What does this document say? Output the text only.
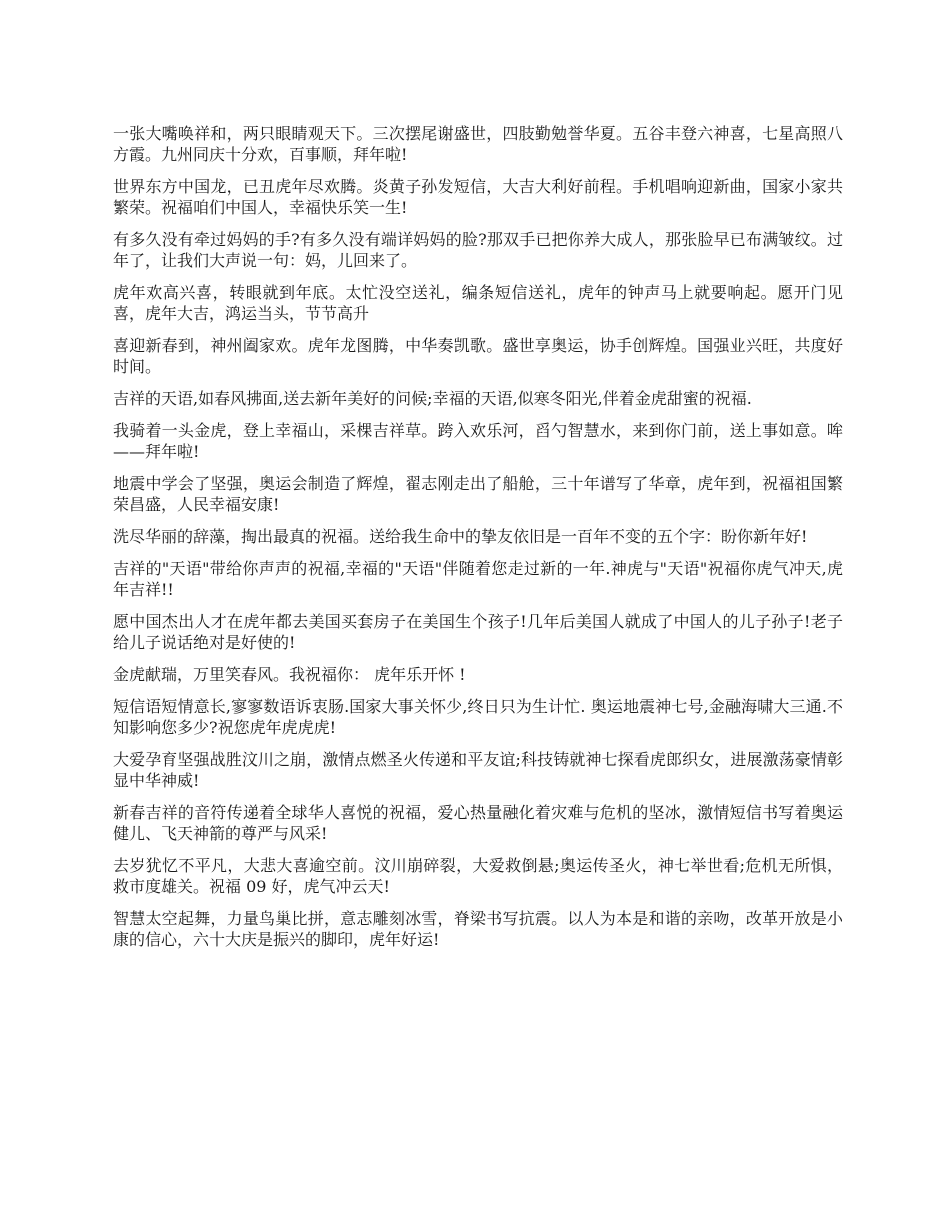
一张大嘴唤祥和，两只眼睛观天下。三次摆尾谢盛世，四肢勤勉誉华夏。五谷丰登六神喜，七星高照八方霞。九州同庆十分欢，百事顺，拜年啦!

世界东方中国龙，已丑虎年尽欢腾。炎黄子孙发短信，大吉大利好前程。手机唱响迎新曲，国家小家共繁荣。祝福咱们中国人，幸福快乐笑一生!

有多久没有牵过妈妈的手?有多久没有端详妈妈的脸?那双手已把你养大成人，那张脸早已布满皱纹。过年了，让我们大声说一句：妈，儿回来了。

虎年欢高兴喜，转眼就到年底。太忙没空送礼，编条短信送礼，虎年的钟声马上就要响起。愿开门见喜，虎年大吉，鸿运当头，节节高升

喜迎新春到，神州阖家欢。虎年龙图腾，中华奏凯歌。盛世享奥运，协手创辉煌。国强业兴旺，共度好时间。

吉祥的天语,如春风拂面,送去新年美好的问候;幸福的天语,似寒冬阳光,伴着金虎甜蜜的祝福.

我骑着一头金虎，登上幸福山，采棵吉祥草。跨入欢乐河，舀勺智慧水，来到你门前，送上事如意。哞——拜年啦!

地震中学会了坚强，奥运会制造了辉煌，翟志刚走出了船舱，三十年谱写了华章，虎年到，祝福祖国繁荣昌盛，人民幸福安康!

洗尽华丽的辞藻，掏出最真的祝福。送给我生命中的挚友依旧是一百年不变的五个字：盼你新年好!

吉祥的"天语"带给你声声的祝福,幸福的"天语"伴随着您走过新的一年.神虎与"天语"祝福你虎气冲天,虎年吉祥!!

愿中国杰出人才在虎年都去美国买套房子在美国生个孩子!几年后美国人就成了中国人的儿子孙子!老子给儿子说话绝对是好使的!

金虎献瑞，万里笑春风。我祝福你： 虎年乐开怀 !

短信语短情意长,寥寥数语诉衷肠.国家大事关怀少,终日只为生计忙. 奥运地震神七号,金融海啸大三通.不知影响您多少?祝您虎年虎虎虎!

大爱孕育坚强战胜汶川之崩，激情点燃圣火传递和平友谊;科技铸就神七探看虎郎织女，进展激荡豪情彰显中华神威!

新春吉祥的音符传递着全球华人喜悦的祝福，爱心热量融化着灾难与危机的坚冰，激情短信书写着奥运健儿、飞天神箭的尊严与风采!

去岁犹忆不平凡，大悲大喜逾空前。汶川崩碎裂，大爱救倒悬;奥运传圣火，神七举世看;危机无所惧，救市度雄关。祝福 09 好，虎气冲云天!

智慧太空起舞，力量鸟巢比拼，意志雕刻冰雪，脊梁书写抗震。以人为本是和谐的亲吻，改革开放是小康的信心，六十大庆是振兴的脚印，虎年好运!
